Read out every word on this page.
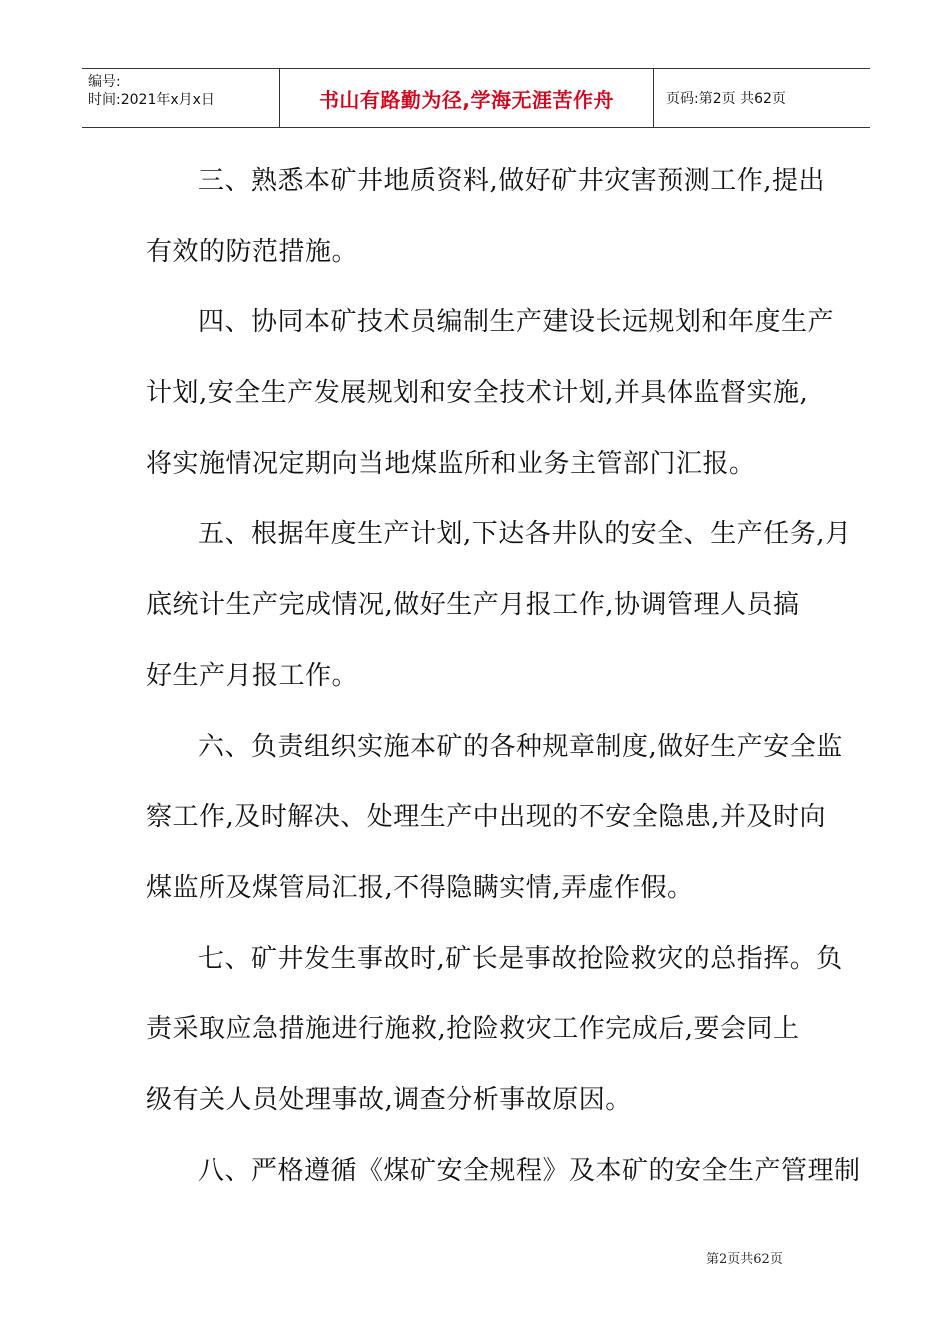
编号:
时间:2021年x月x日	书山有路勤为径,学海无涯苦作舟	页码:第2页 共62页
三、熟悉本矿井地质资料,做好矿井灾害预测工作,提出
有效的防范措施。
四、协同本矿技术员编制生产建设长远规划和年度生产
计划,安全生产发展规划和安全技术计划,并具体监督实施,
将实施情况定期向当地煤监所和业务主管部门汇报。
五、根据年度生产计划,下达各井队的安全、生产任务,月
底统计生产完成情况,做好生产月报工作,协调管理人员搞
好生产月报工作。
六、负责组织实施本矿的各种规章制度,做好生产安全监
察工作,及时解决、处理生产中出现的不安全隐患,并及时向
煤监所及煤管局汇报,不得隐瞒实情,弄虚作假。
七、矿井发生事故时,矿长是事故抢险救灾的总指挥。负
责采取应急措施进行施救,抢险救灾工作完成后,要会同上
级有关人员处理事故,调查分析事故原因。
八、严格遵循《煤矿安全规程》及本矿的安全生产管理制
第2页共62页
